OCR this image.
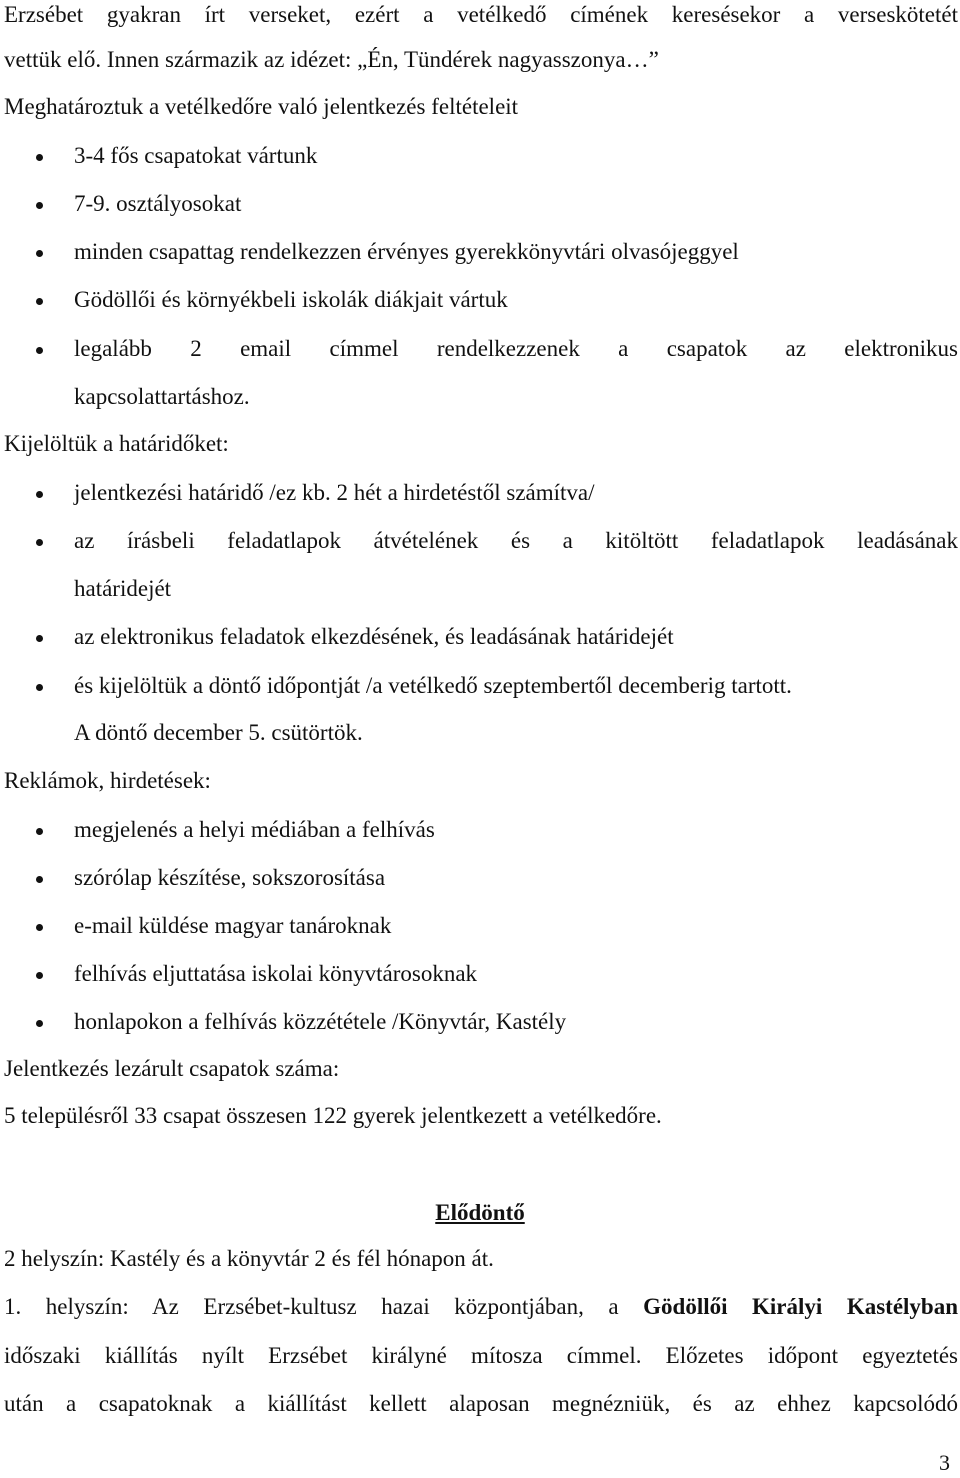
Erzsébet gyakran írt verseket, ezért a vetélkedő címének keresésekor a verseskötetét
vettük elő. Innen származik az idézet: „Én, Tündérek nagyasszonya…”
Meghatároztuk a vetélkedőre való jelentkezés feltételeit
3-4 fős csapatokat vártunk
7-9. osztályosokat
minden csapattag rendelkezzen érvényes gyerekkönyvtári olvasójeggyel
Gödöllői és környékbeli iskolák diákjait vártuk
legalább 2 email címmel rendelkezzenek a csapatok az elektronikus
kapcsolattartáshoz.
Kijelöltük a határidőket:
jelentkezési határidő /ez kb. 2 hét a hirdetéstől számítva/
az írásbeli feladatlapok átvételének és a kitöltött feladatlapok leadásának
határidejét
az elektronikus feladatok elkezdésének, és leadásának határidejét
és kijelöltük a döntő időpontját /a vetélkedő szeptembertől decemberig tartott.
A döntő december 5. csütörtök.
Reklámok, hirdetések:
megjelenés a helyi médiában a felhívás
szórólap készítése, sokszorosítása
e-mail küldése magyar tanároknak
felhívás eljuttatása iskolai könyvtárosoknak
honlapokon a felhívás közzététele /Könyvtár, Kastély
Jelentkezés lezárult csapatok száma:
5 településről 33 csapat összesen 122 gyerek jelentkezett a vetélkedőre.
Elődöntő
2 helyszín: Kastély és a könyvtár 2 és fél hónapon át.
1. helyszín: Az Erzsébet-kultusz hazai központjában, a Gödöllői Királyi Kastélyban
időszaki kiállítás nyílt Erzsébet királyné mítosza címmel. Előzetes időpont egyeztetés
után a csapatoknak a kiállítást kellett alaposan megnézniük, és az ehhez kapcsolódó
3
